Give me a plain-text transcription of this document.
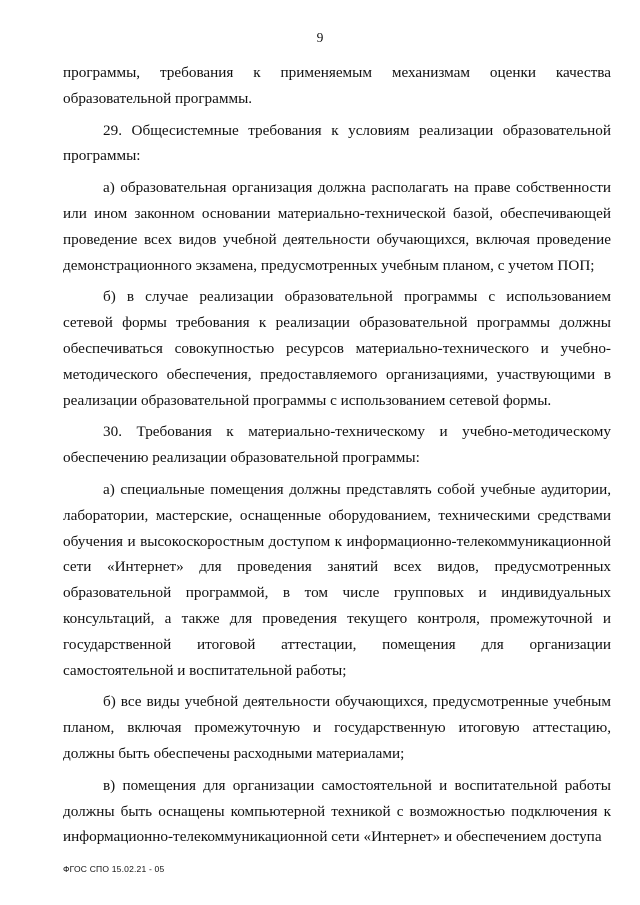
9

программы, требования к применяемым механизмам оценки качества образовательной программы.

29. Общесистемные требования к условиям реализации образовательной программы:

а) образовательная организация должна располагать на праве собственности или ином законном основании материально-технической базой, обеспечивающей проведение всех видов учебной деятельности обучающихся, включая проведение демонстрационного экзамена, предусмотренных учебным планом, с учетом ПОП;

б) в случае реализации образовательной программы с использованием сетевой формы требования к реализации образовательной программы должны обеспечиваться совокупностью ресурсов материально-технического и учебно-методического обеспечения, предоставляемого организациями, участвующими в реализации образовательной программы с использованием сетевой формы.

30. Требования к материально-техническому и учебно-методическому обеспечению реализации образовательной программы:

а) специальные помещения должны представлять собой учебные аудитории, лаборатории, мастерские, оснащенные оборудованием, техническими средствами обучения и высокоскоростным доступом к информационно-телекоммуникационной сети «Интернет» для проведения занятий всех видов, предусмотренных образовательной программой, в том числе групповых и индивидуальных консультаций, а также для проведения текущего контроля, промежуточной и государственной итоговой аттестации, помещения для организации самостоятельной и воспитательной работы;

б) все виды учебной деятельности обучающихся, предусмотренные учебным планом, включая промежуточную и государственную итоговую аттестацию, должны быть обеспечены расходными материалами;

в) помещения для организации самостоятельной и воспитательной работы должны быть оснащены компьютерной техникой с возможностью подключения к информационно-телекоммуникационной сети «Интернет» и обеспечением доступа

ФГОС СПО 15.02.21 - 05
